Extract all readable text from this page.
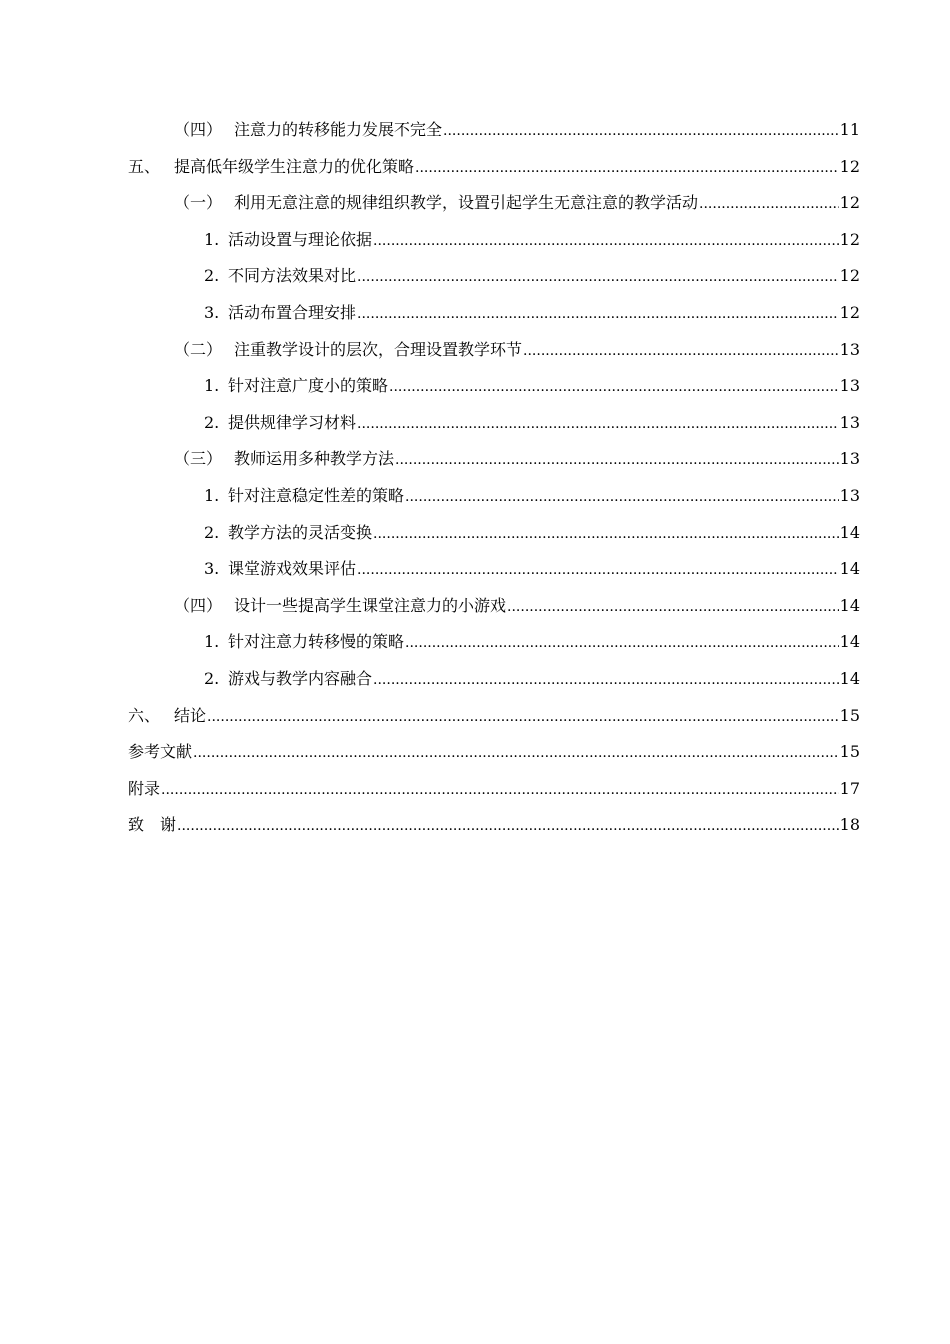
（四） 注意力的转移能力发展不完全 .....	11
五、 提高低年级学生注意力的优化策略 .....	12
（一） 利用无意注意的规律组织教学，设置引起学生无意注意的教学活动 .....	12
1. 活动设置与理论依据 .....	12
2. 不同方法效果对比 .....	12
3. 活动布置合理安排 .....	12
（二） 注重教学设计的层次，合理设置教学环节 .....	13
1. 针对注意广度小的策略 .....	13
2. 提供规律学习材料 .....	13
（三） 教师运用多种教学方法 .....	13
1. 针对注意稳定性差的策略 .....	13
2. 教学方法的灵活变换 .....	14
3. 课堂游戏效果评估 .....	14
（四） 设计一些提高学生课堂注意力的小游戏 .....	14
1. 针对注意力转移慢的策略 .....	14
2. 游戏与教学内容融合 .....	14
六、 结论 .....	15
参考文献 .....	15
附录 .....	17
致　谢 .....	18
